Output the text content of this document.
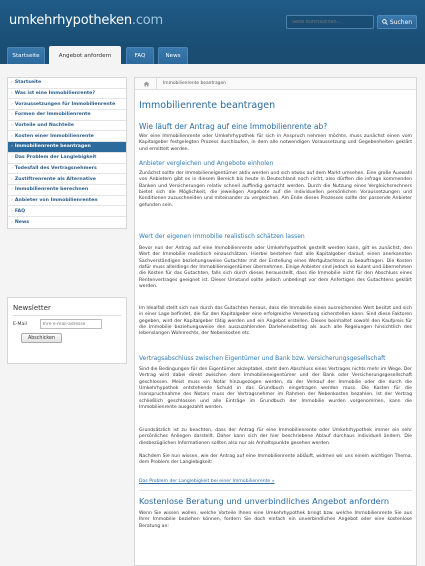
umkehrhypotheken.com
Seite durchsuchen...	Suchen
Startseite	Angebot anfordern	FAQ	News
› Startseite
› Was ist eine Immobilienrente?
› Voraussetzungen für Immobilienrente
› Formen der Immobilienrente
› Vorteile und Nachteile
› Kosten einer Immobilienrente
› Immobilienrente beantragen
› Das Problem der Langlebigkeit
› Todesfall des Vertragsnehmers
› Zustiftrenrente als Alternative
› Immobilienrente berechnen
› Anbieter von Immobilienrenten
› FAQ
› News
Newsletter
E-Mail
Ihre e-mail-adresse
Abschicken
Immobilienrente beantragen
Immobilienrente beantragen
Wie läuft der Antrag auf eine Immobilienrente ab?
Wer eine Immobilienrente oder Umkehrhypothek für sich in Anspruch nehmen möchte, muss zunächst einen vom Kapitalgeber festgelegten Prozess durchlaufen, in dem alle notwendigen Voraussetzung und Gegebenheiten geklärt und ermittelt werden.
Anbieter vergleichen und Angebote einholen
Zunächst sollte der Immobilieneigentümer aktiv werden und sich etwas auf dem Markt umsehen. Eine große Auswahl von Anbietern gibt es in diesem Bereich bis heute in Deutschland noch nicht, also dürften die infrage kommenden Banken und Versicherungen relativ schnell auffindig gemacht werden. Durch die Nutzung eines Vergleichsrechners bietet sich die Möglichkeit, die jeweiligen Angebote auf die individuellen persönlichen Voraussetzungen und Konditionen zuzuschneiden und miteinander zu vergleichen. Am Ende dieses Prozesses sollte der passende Anbieter gefunden sein.
Wert der eigenen Immobilie realistisch schätzen lassen
Bevor nun der Antrag auf eine Immobilienrente oder Umkehrhypothek gestellt werden kann, gilt es zunächst, den Wert der Immobilie realistisch einzuschätzen. Hierbei bestehen fast alle Kapitalgeber darauf, einen anerkannten Sachverständigen beziehungsweise Gutachter mit der Erstellung eines Wertgutachtens zu beauftragen. Die Kosten dafür muss allerdings der Immobilieneigentümer übernehmen. Einige Anbieter sind jedoch so kulant und übernehmen die Kosten für das Gutachten, falls sich durch dieses herausstellt, dass die Immobilie nicht für den Abschluss eines Rentenvertrages geeignet ist. Dieser Umstand sollte jedoch unbedingt vor dem Anfertigen des Gutachtens geklärt werden.
Im Idealfall stellt sich nun durch das Gutachten heraus, dass die Immobilie einen ausreichenden Wert besitzt und sich in einer Lage befindet, die für den Kapitalgeber eine erfolgreiche Verwertung sicherstellen kann. Sind diese Faktoren gegeben, wird der Kapitalgeber tätig werden und ein Angebot erstellen. Dieses beinhaltet sowohl den Kaufpreis für die Immobilie beziehungsweise den auszuzahlenden Darlehensbetrag als auch alle Regelungen hinsichtlich des lebenslangen Wohnrechts, der Nebenkosten etc.
Vertragsabschluss zwischen Eigentümer und Bank bzw. Versicherungsgesellschaft
Sind die Bedingungen für den Eigentümer akzeptabel, steht dem Abschluss eines Vertrages nichts mehr im Wege. Der Vertrag wird dabei direkt zwischen dem Immobilieneigentümer und der Bank oder Versicherungsgesellschaft geschlossen. Meist muss ein Notar hinzugezogen werden, da der Verkauf der Immobilie oder die durch die Umkehrhypothek entstehende Schuld in das Grundbuch eingetragen werden muss. Die Kosten für die Inanspruchnahme des Notars muss der Vertragsnehmer im Rahmen der Nebenkosten bezahlen. Ist der Vertrag schließlich geschlossen und alle Einträge im Grundbuch der Immobilie wurden vorgenommen, kann die Immobilienrente ausgezahlt werden.
Grundsätzlich ist zu beachten, dass der Antrag für eine Immobilienrente oder Umkehrhypothek immer ein sehr persönliches Anliegen darstellt. Daher kann sich der hier beschriebene Ablauf durchaus individuell ändern. Die diesbezüglichen Informationen sollten also nur als Anhaltspunkte gesehen werden.
Nachdem Sie nun wissen, wie der Antrag auf eine Immobilienrente abläuft, widmen wir uns einem wichtigen Thema, dem Problem der Langlebigkeit:
Das Problem der Langlebigkeit bei einer Immobilienrente »
Kostenlose Beratung und unverbindliches Angebot anfordern
Wenn Sie wissen wollen, welche Vorteile Ihnen eine Umkehrhypothek bringt bzw. welche Immobilienrente Sie aus Ihrer Immobilie beziehen können, fordern Sie doch einfach ein unverbindliches Angebot oder eine kostenlose Beratung an:
